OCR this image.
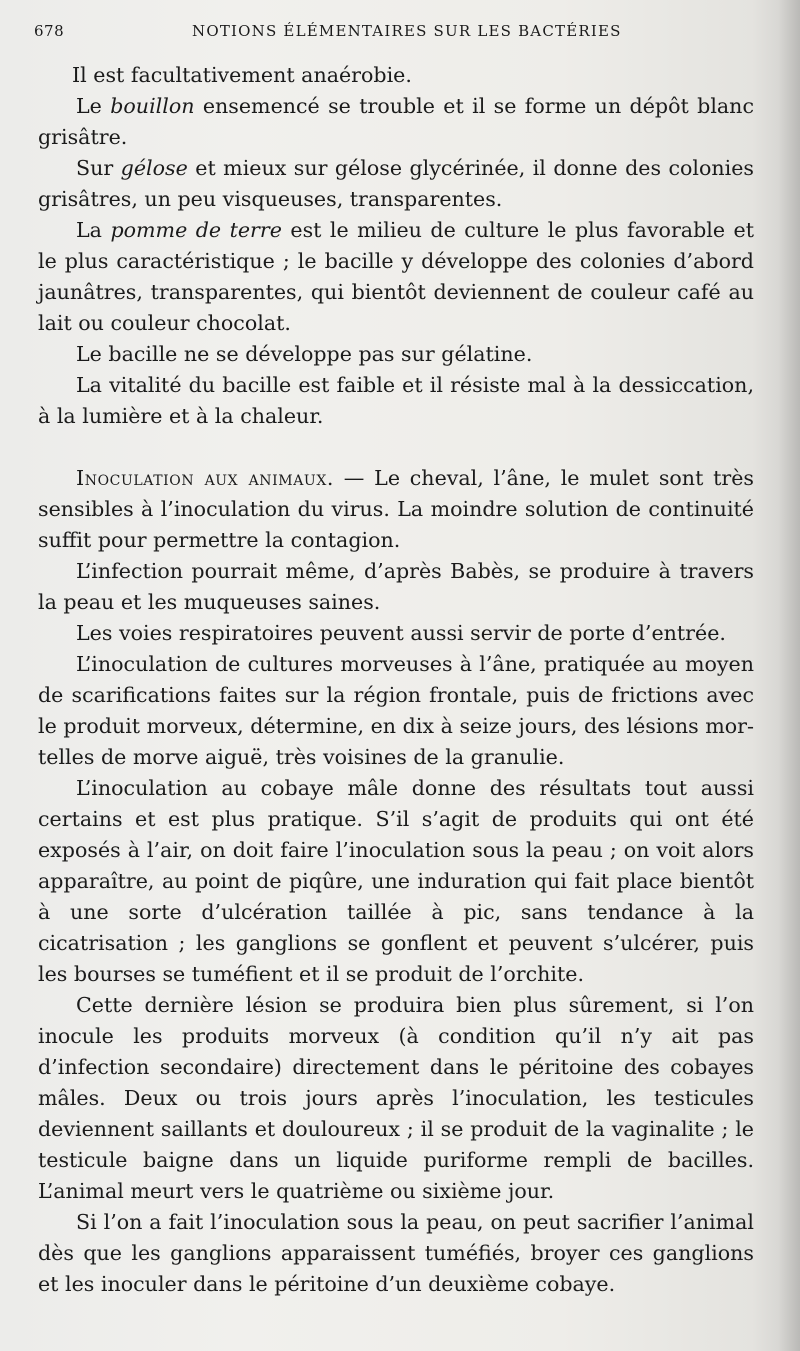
678	NOTIONS ÉLÉMENTAIRES SUR LES BACTÉRIES

Il est facultativement anaérobie.

Le bouillon ensemencé se trouble et il se forme un dépôt blanc grisâtre.

Sur gélose et mieux sur gélose glycérinée, il donne des colonies grisâtres, un peu visqueuses, transparentes.

La pomme de terre est le milieu de culture le plus favorable et le plus caractéristique ; le bacille y développe des colonies d’abord jaunâtres, transparentes, qui bientôt deviennent de couleur café au lait ou couleur chocolat.

Le bacille ne se développe pas sur gélatine.

La vitalité du bacille est faible et il résiste mal à la dessiccation, à la lumière et à la chaleur.

Inoculation aux animaux. — Le cheval, l’âne, le mulet sont très sensibles à l’inoculation du virus. La moindre solution de continuité suffit pour permettre la contagion.

L’infection pourrait même, d’après Babès, se produire à travers la peau et les muqueuses saines.

Les voies respiratoires peuvent aussi servir de porte d’entrée.

L’inoculation de cultures morveuses à l’âne, pratiquée au moyen de scarifications faites sur la région frontale, puis de frictions avec le produit morveux, détermine, en dix à seize jours, des lésions mortelles de morve aiguë, très voisines de la granulie.

L’inoculation au cobaye mâle donne des résultats tout aussi certains et est plus pratique. S’il s’agit de produits qui ont été exposés à l’air, on doit faire l’inoculation sous la peau ; on voit alors apparaître, au point de piqûre, une induration qui fait place bientôt à une sorte d’ulcération taillée à pic, sans tendance à la cicatrisation ; les ganglions se gonflent et peuvent s’ulcérer, puis les bourses se tuméfient et il se produit de l’orchite.

Cette dernière lésion se produira bien plus sûrement, si l’on inocule les produits morveux (à condition qu’il n’y ait pas d’infection secondaire) directement dans le péritoine des cobayes mâles. Deux ou trois jours après l’inoculation, les testicules deviennent saillants et douloureux ; il se produit de la vaginalite ; le testicule baigne dans un liquide puriforme rempli de bacilles. L’animal meurt vers le quatrième ou sixième jour.

Si l’on a fait l’inoculation sous la peau, on peut sacrifier l’animal dès que les ganglions apparaissent tuméfiés, broyer ces ganglions et les inoculer dans le péritoine d’un deuxième cobaye.
